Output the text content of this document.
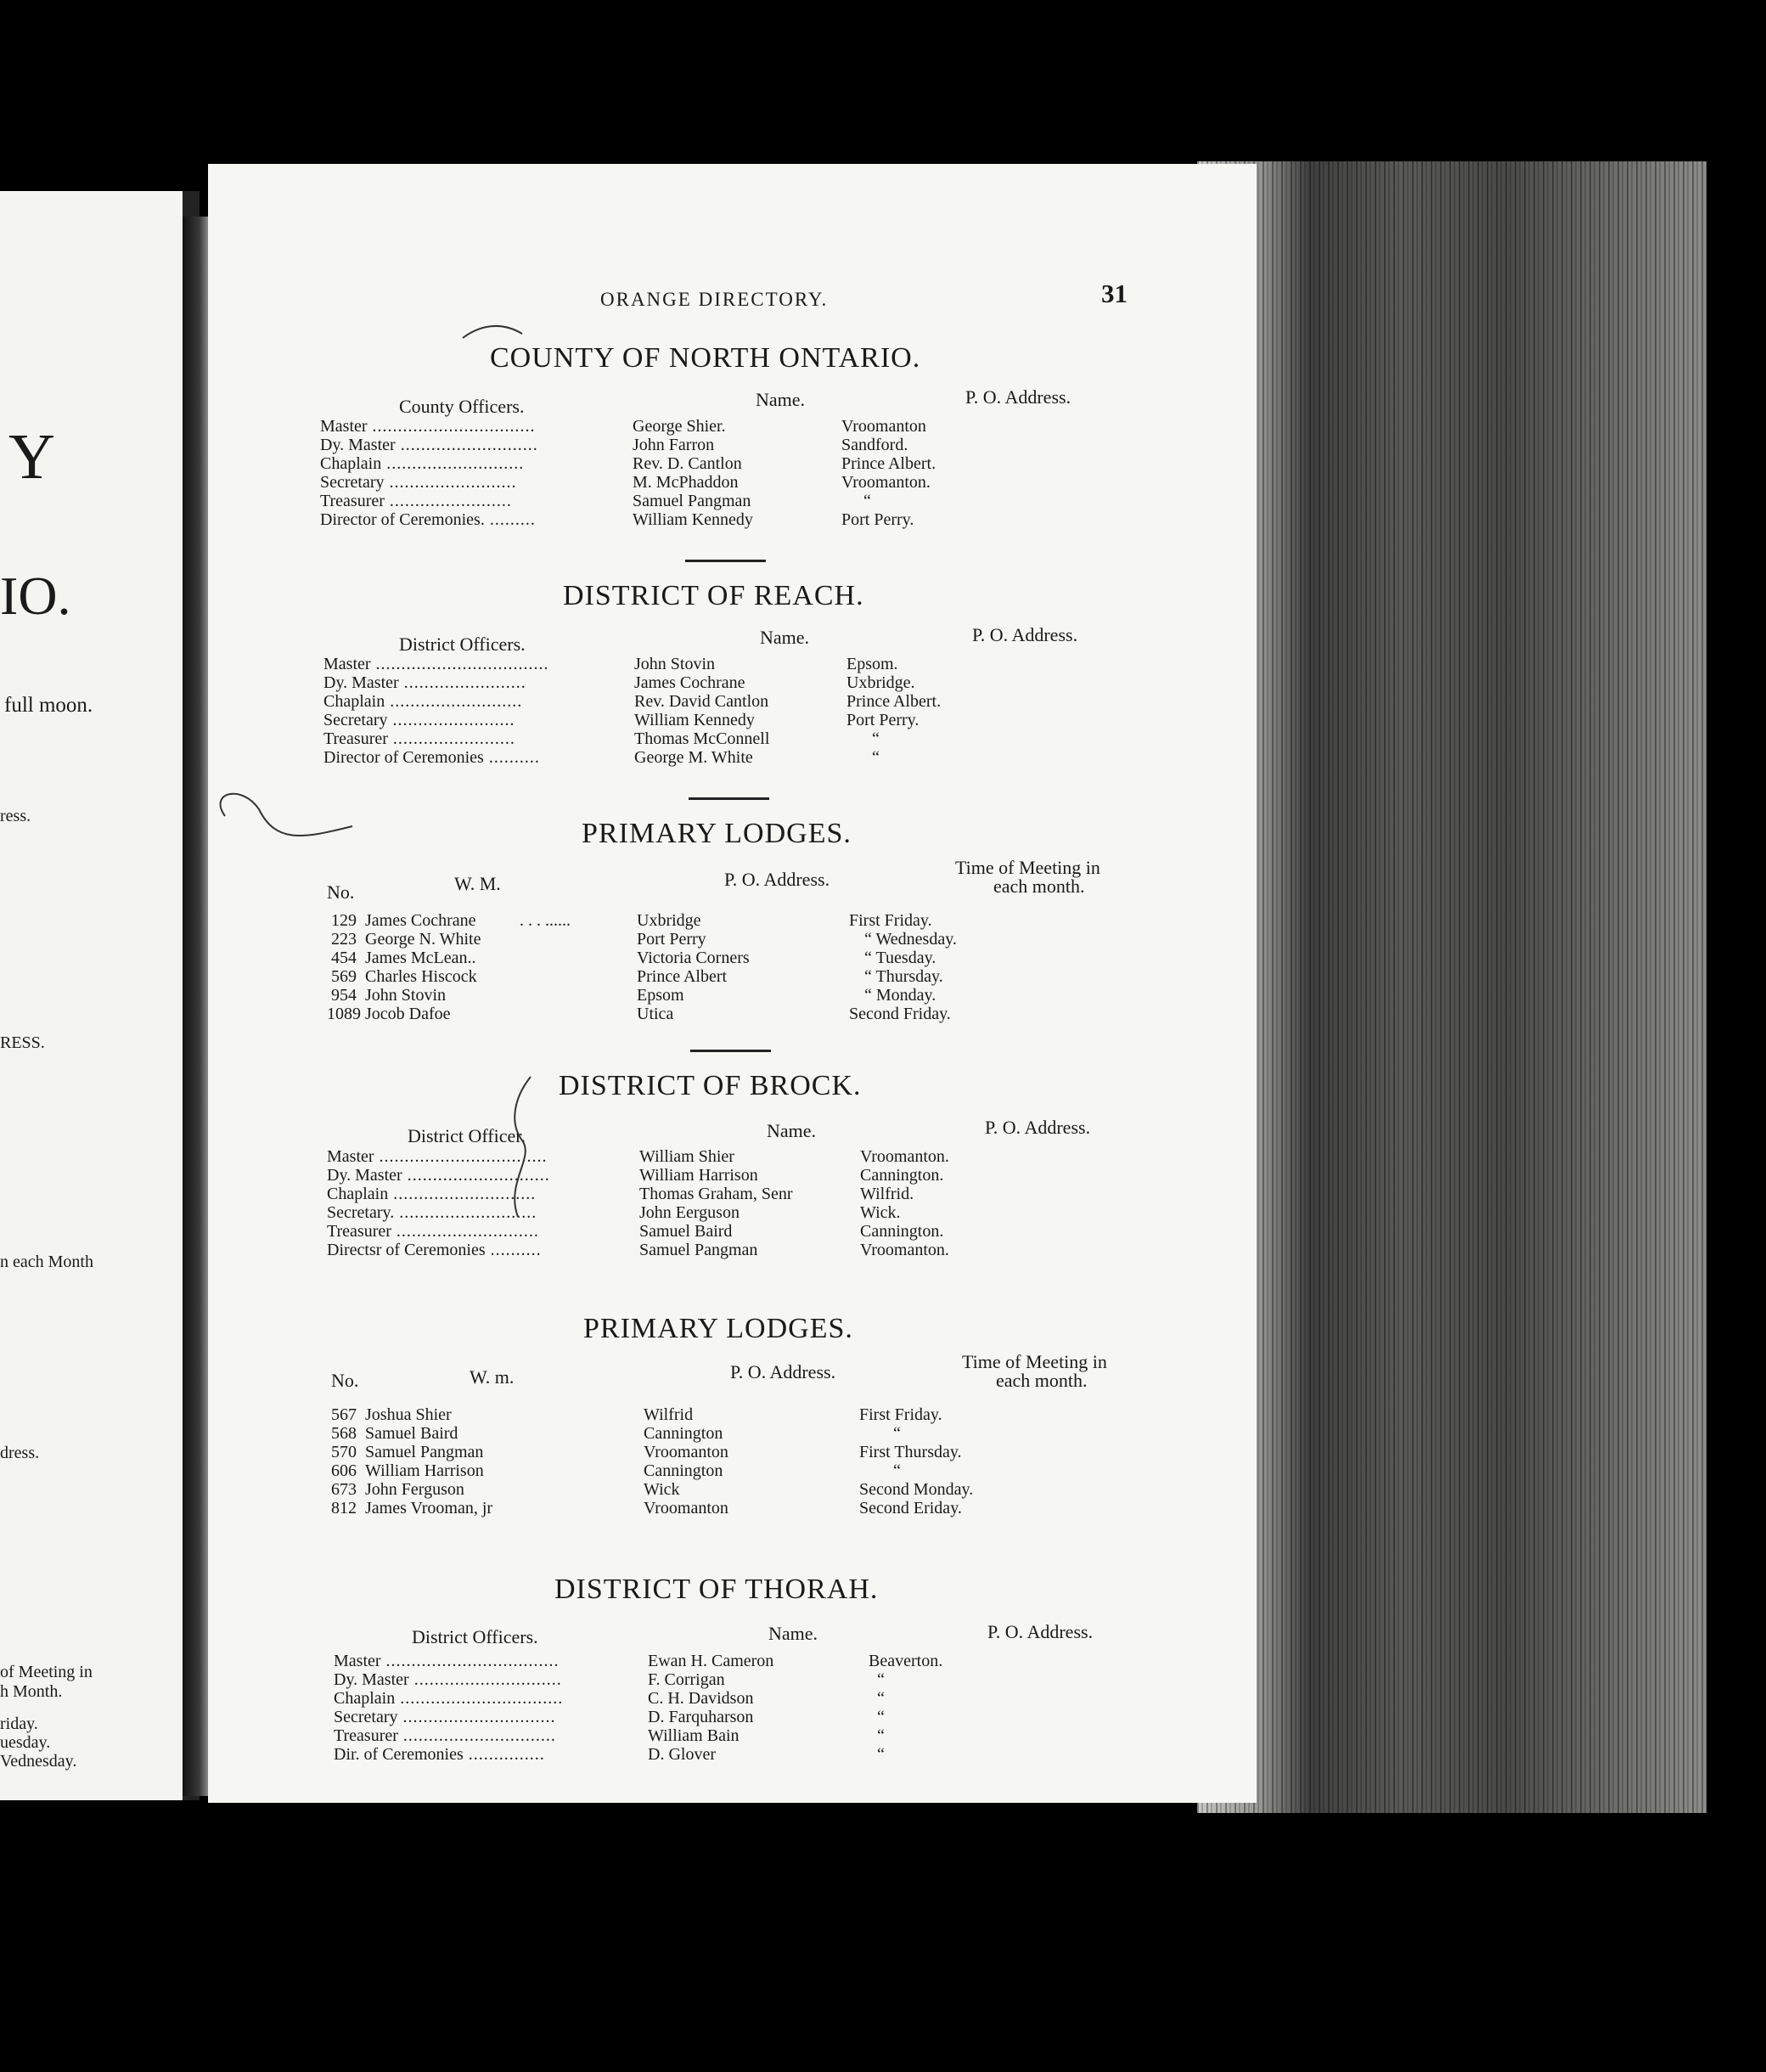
Y
IO.
full moon.
ress.
RESS.
n each Month
dress.
of Meeting in
h Month.
riday.
uesday.
Vednesday.
ORANGE DIRECTORY.	31
COUNTY OF NORTH ONTARIO.
County Officers.	Name.	P. O. Address.
Master ................................	George Shier.	Vroomanton
Dy. Master ...........................	John Farron	Sandford.
Chaplain ...........................	Rev. D. Cantlon	Prince Albert.
Secretary .........................	M. McPhaddon	Vroomanton.
Treasurer ........................	Samuel Pangman	“
Director of Ceremonies. .........	William Kennedy	Port Perry.
DISTRICT OF REACH.
District Officers.	Name.	P. O. Address.
Master ..................................	John Stovin	Epsom.
Dy. Master ........................	James Cochrane	Uxbridge.
Chaplain ..........................	Rev. David Cantlon	Prince Albert.
Secretary ........................	William Kennedy	Port Perry.
Treasurer ........................	Thomas McConnell	“
Director of Ceremonies ..........	George M. White	“
PRIMARY LODGES.
No.	W. M.	P. O. Address.
Time of Meeting in
each month.
129 James Cochrane	. . . ......	Uxbridge	First Friday.
223 George N. White	Port Perry	“ Wednesday.
454 James McLean..	Victoria Corners	“ Tuesday.
569 Charles Hiscock	Prince Albert	“ Thursday.
954 John Stovin	Epsom	“ Monday.
1089 Jocob Dafoe	Utica	Second Friday.
DISTRICT OF BROCK.
District Officer.	Name.	P. O. Address.
Master .................................	William Shier	Vroomanton.
Dy. Master ............................	William Harrison	Cannington.
Chaplain ............................	Thomas Graham, Senr	Wilfrid.
Secretary. ...........................	John Eerguson	Wick.
Treasurer ............................	Samuel Baird	Cannington.
Directsr of Ceremonies ..........	Samuel Pangman	Vroomanton.
PRIMARY LODGES.
No.	W. m.	P. O. Address.	Time of Meeting in
each month.
567 Joshua Shier	Wilfrid	First Friday.
568 Samuel Baird	Cannington	“
570 Samuel Pangman	Vroomanton	First Thursday.
606 William Harrison	Cannington	“
673 John Ferguson	Wick	Second Monday.
812 James Vrooman, jr	Vroomanton	Second Eriday.
DISTRICT OF THORAH.
District Officers.	Name.	P. O. Address.
Master ..................................	Ewan H. Cameron	Beaverton.
Dy. Master .............................	F. Corrigan	“
Chaplain ................................	C. H. Davidson	“
Secretary ..............................	D. Farquharson	“
Treasurer ..............................	William Bain	“
Dir. of Ceremonies ...............	D. Glover	“
